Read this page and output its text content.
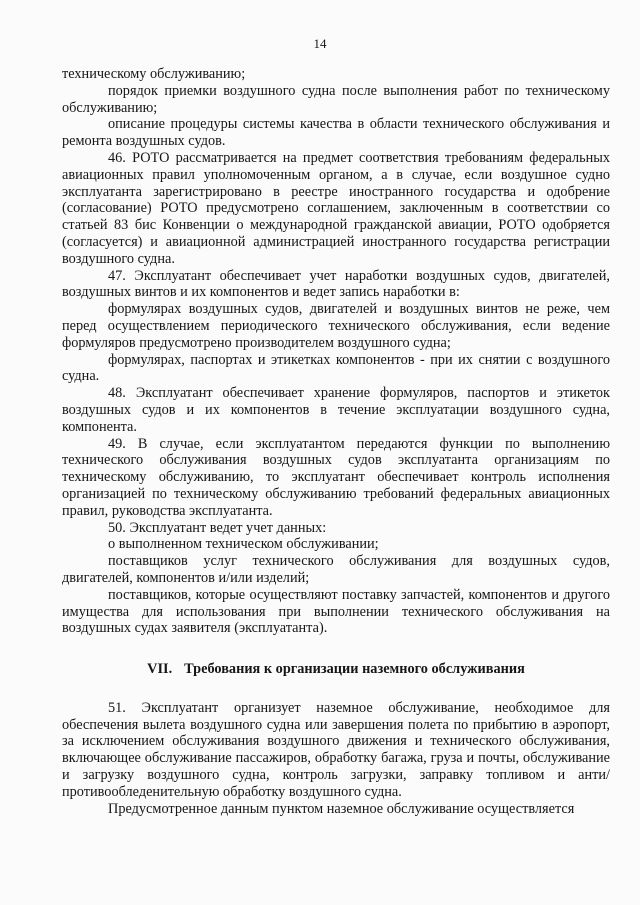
14

техническому обслуживанию;

порядок приемки воздушного судна после выполнения работ по техническому обслуживанию;

описание процедуры системы качества в области технического обслуживания и ремонта воздушных судов.

46. РОТО рассматривается на предмет соответствия требованиям федеральных авиационных правил уполномоченным органом, а в случае, если воздушное судно эксплуатанта зарегистрировано в реестре иностранного государства и одобрение (согласование) РОТО предусмотрено соглашением, заключенным в соответствии со статьей 83 бис Конвенции о международной гражданской авиации, РОТО одобряется (согласуется) и авиационной администрацией иностранного государства регистрации воздушного судна.

47. Эксплуатант обеспечивает учет наработки воздушных судов, двигателей, воздушных винтов и их компонентов и ведет запись наработки в:

формулярах воздушных судов, двигателей и воздушных винтов не реже, чем перед осуществлением периодического технического обслуживания, если ведение формуляров предусмотрено производителем воздушного судна;

формулярах, паспортах и этикетках компонентов - при их снятии с воздушного судна.

48. Эксплуатант обеспечивает хранение формуляров, паспортов и этикеток воздушных судов и их компонентов в течение эксплуатации воздушного судна, компонента.

49. В случае, если эксплуатантом передаются функции по выполнению технического обслуживания воздушных судов эксплуатанта организациям по техническому обслуживанию, то эксплуатант обеспечивает контроль исполнения организацией по техническому обслуживанию требований федеральных авиационных правил, руководства эксплуатанта.

50. Эксплуатант ведет учет данных:

о выполненном техническом обслуживании;

поставщиков услуг технического обслуживания для воздушных судов, двигателей, компонентов и/или изделий;

поставщиков, которые осуществляют поставку запчастей, компонентов и другого имущества для использования при выполнении технического обслуживания на воздушных судах заявителя (эксплуатанта).

VII. Требования к организации наземного обслуживания

51. Эксплуатант организует наземное обслуживание, необходимое для обеспечения вылета воздушного судна или завершения полета по прибытию в аэропорт, за исключением обслуживания воздушного движения и технического обслуживания, включающее обслуживание пассажиров, обработку багажа, груза и почты, обслуживание и загрузку воздушного судна, контроль загрузки, заправку топливом и анти/противообледенительную обработку воздушного судна.

Предусмотренное данным пунктом наземное обслуживание осуществляется
